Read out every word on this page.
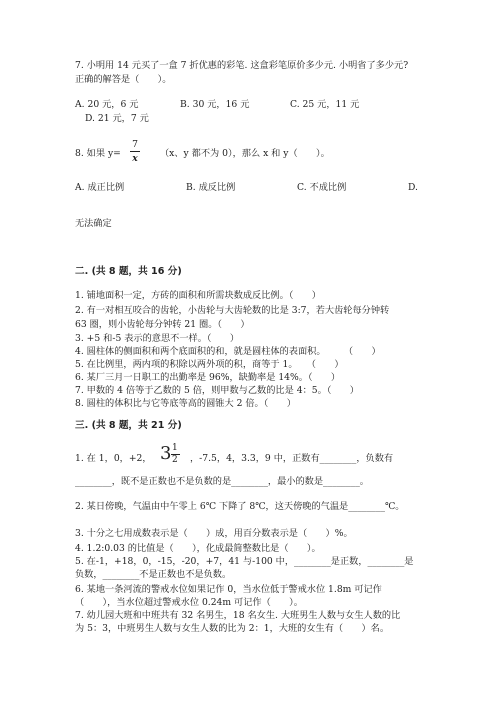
7. 小明用 14 元买了一盒 7 折优惠的彩笔. 这盒彩笔原价多少元. 小明省了多少元?
正确的解答是（　　）。
A. 20 元，6 元	B. 30 元，16 元	C. 25 元，11 元
D. 21 元，7 元
8. 如果 y=
7
x （x、y 都不为 0），那么 x 和 y（　　）。
A. 成正比例	B. 成反比例	C. 不成比例	D.
无法确定
二. (共 8 题，共 16 分)
1. 铺地面积一定，方砖的面积和所需块数成反比例。（　　）
2. 有一对相互咬合的齿轮，小齿轮与大齿轮数的比是 3:7，若大齿轮每分钟转
63 圈，则小齿轮每分钟转 21 圈。（　　）
3. +5 和-5 表示的意思不一样。（　　）
4. 圆柱体的侧面积和两个底面积的和，就是圆柱体的表面积。　　　（　　）
5. 在比例里，两内项的积除以两外项的积，商等于 1。　　（　　）
6. 某厂三月一日职工的出勤率是 96%，缺勤率是 14%。（　　）
7. 甲数的 4 倍等于乙数的 5 倍，则甲数与乙数的比是 4：5。（　　）
8. 圆柱的体积比与它等底等高的圆锥大 2 倍。（　　）
三. (共 8 题，共 21 分)
1. 在 1，0，+2， 3 1
2 ，-7.5，4，3.3，9 中，正数有________，负数有
________，既不是正数也不是负数的是________，最小的数是________。
2. 某日傍晚，气温由中午零上 6℃ 下降了 8℃，这天傍晚的气温是________℃。
3. 十分之七用成数表示是（　　）成，用百分数表示是（　　）%。
4. 1.2:0.03 的比值是（　　），化成最简整数比是（　　）。
5. 在-1，+18，0，-15，-20，+7，41 与-100 中，________是正数，________是
负数，________不是正数也不是负数。
6. 某地一条河流的警戒水位如果记作 0，当水位低于警戒水位 1.8m 可记作
（　　），当水位超过警戒水位 0.24m 可记作（　　）。
7. 幼儿园大班和中班共有 32 名男生，18 名女生. 大班男生人数与女生人数的比
为 5：3，中班男生人数与女生人数的比为 2：1，大班的女生有（　　）名。
